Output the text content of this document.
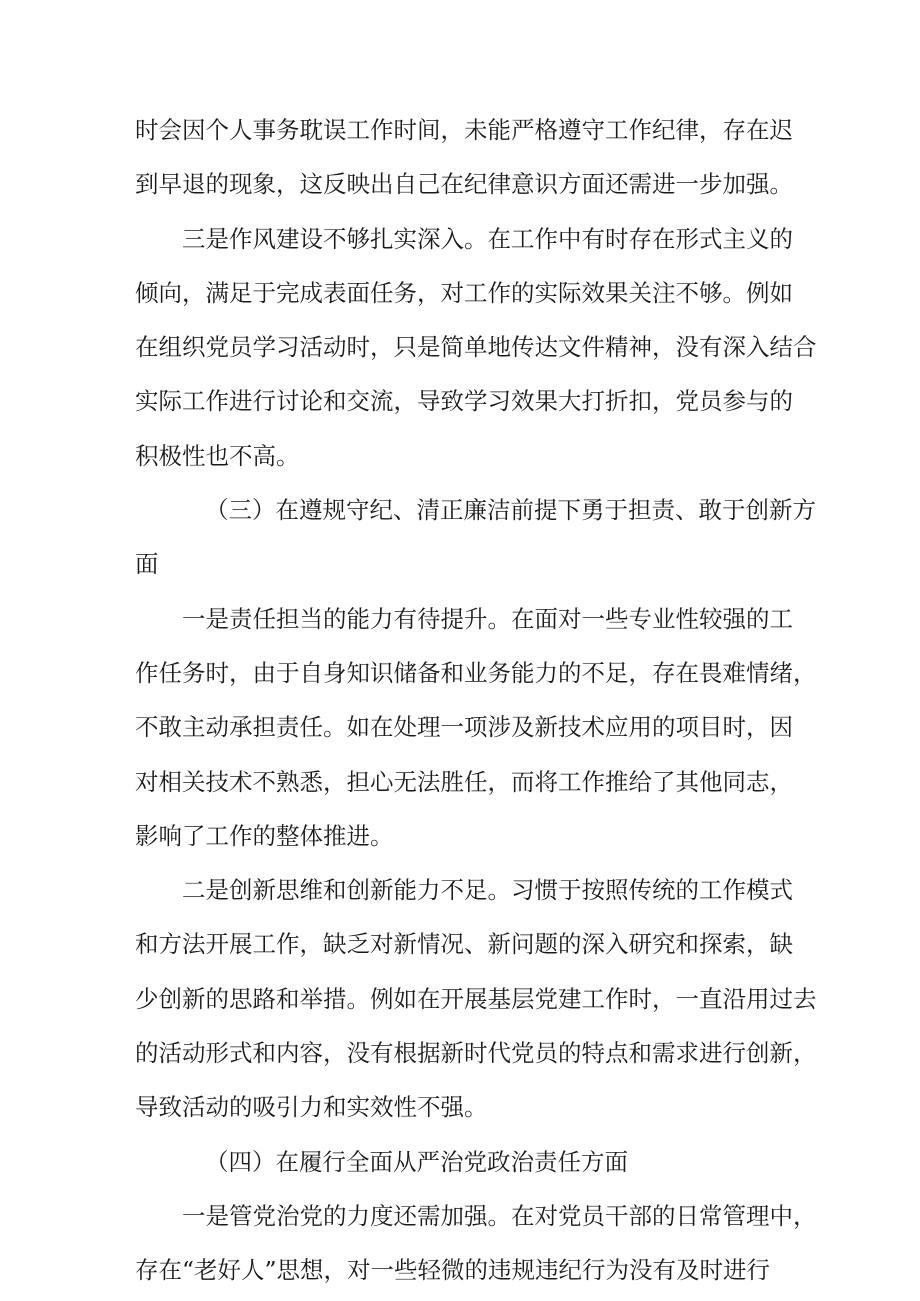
时会因个人事务耽误工作时间，未能严格遵守工作纪律，存在迟
到早退的现象，这反映出自己在纪律意识方面还需进一步加强。
三是作风建设不够扎实深入。在工作中有时存在形式主义的
倾向，满足于完成表面任务，对工作的实际效果关注不够。例如
在组织党员学习活动时，只是简单地传达文件精神，没有深入结合
实际工作进行讨论和交流，导致学习效果大打折扣，党员参与的
积极性也不高。
（三）在遵规守纪、清正廉洁前提下勇于担责、敢于创新方
面
一是责任担当的能力有待提升。在面对一些专业性较强的工
作任务时，由于自身知识储备和业务能力的不足，存在畏难情绪，
不敢主动承担责任。如在处理一项涉及新技术应用的项目时，因
对相关技术不熟悉，担心无法胜任，而将工作推给了其他同志，
影响了工作的整体推进。
二是创新思维和创新能力不足。习惯于按照传统的工作模式
和方法开展工作，缺乏对新情况、新问题的深入研究和探索，缺
少创新的思路和举措。例如在开展基层党建工作时，一直沿用过去
的活动形式和内容，没有根据新时代党员的特点和需求进行创新，
导致活动的吸引力和实效性不强。
（四）在履行全面从严治党政治责任方面
一是管党治党的力度还需加强。在对党员干部的日常管理中，
存在“老好人”思想，对一些轻微的违规违纪行为没有及时进行
